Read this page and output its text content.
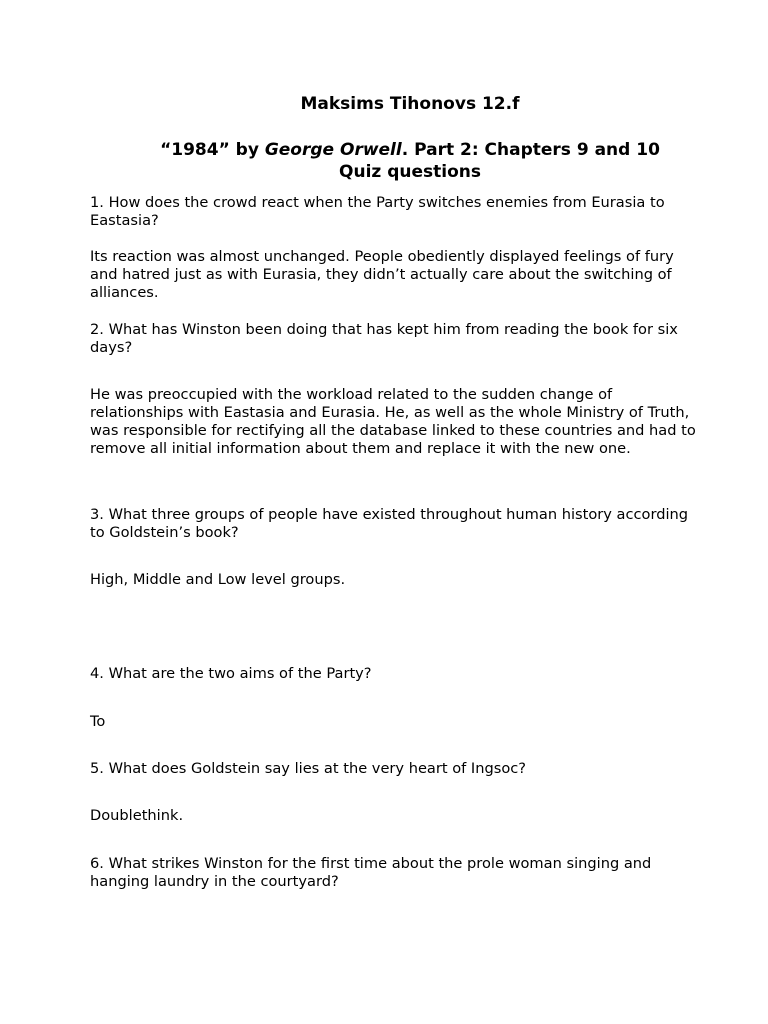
Maksims Tihonovs 12.f
“1984” by George Orwell. Part 2: Chapters 9 and 10
Quiz questions
1. How does the crowd react when the Party switches enemies from Eurasia to Eastasia?
Its reaction was almost unchanged. People obediently displayed feelings of fury and hatred just as with Eurasia, they didn’t actually care about the switching of alliances.
2. What has Winston been doing that has kept him from reading the book for six days?
He was preoccupied with the workload related to the sudden change of relationships with Eastasia and Eurasia. He, as well as the whole Ministry of Truth, was responsible for rectifying all the database linked to these countries and had to remove all initial information about them and replace it with the new one.
3. What three groups of people have existed throughout human history according to Goldstein’s book?
High, Middle and Low level groups.
4. What are the two aims of the Party?
To
5. What does Goldstein say lies at the very heart of Ingsoc?
Doublethink.
6. What strikes Winston for the first time about the prole woman singing and hanging laundry in the courtyard?
